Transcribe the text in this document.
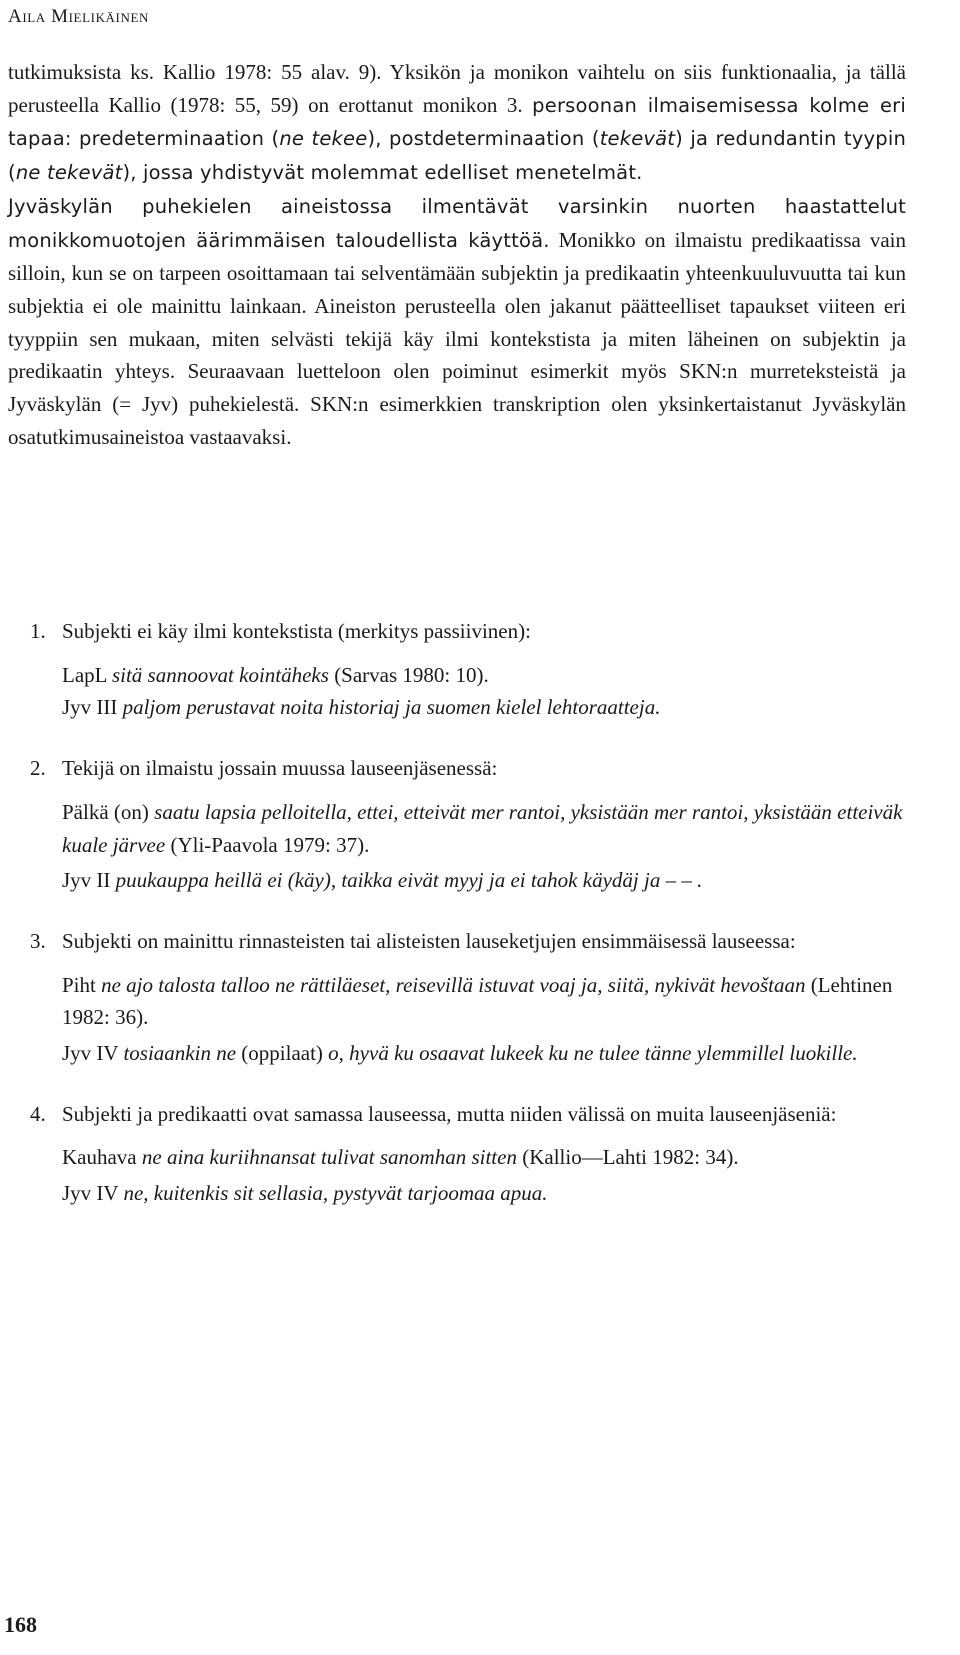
Aila Mielikäinen

tutkimuksista ks. Kallio 1978: 55 alav. 9). Yksikön ja monikon vaihtelu on siis funktionaalia, ja tällä perusteella Kallio (1978: 55, 59) on erottanut monikon 3. persoonan ilmaisemisessa kolme eri tapaa: predeterminaation (ne tekee), postdeterminaation (tekevät) ja redundantin tyypin (ne tekevät), jossa yhdistyvät molemmat edelliset menetelmät.

Jyväskylän puhekielen aineistossa ilmentävät varsinkin nuorten haastattelut monikkomuotojen äärimmäisen taloudellista käyttöä. Monikko on ilmaistu predikaatissa vain silloin, kun se on tarpeen osoittamaan tai selventämään subjektin ja predikaatin yhteenkuuluvuutta tai kun subjektia ei ole mainittu lainkaan. Aineiston perusteella olen jakanut päätteelliset tapaukset viiteen eri tyyppiin sen mukaan, miten selvästi tekijä käy ilmi kontekstista ja miten läheinen on subjektin ja predikaatin yhteys. Seuraavaan luetteloon olen poiminut esimerkit myös SKN:n murreteksteistä ja Jyväskylän (= Jyv) puhekielestä. SKN:n esimerkkien transkription olen yksinkertaistanut Jyväskylän osatutkimusaineistoa vastaavaksi.

1. Subjekti ei käy ilmi kontekstista (merkitys passiivinen):
LapL sitä sannoovat kointäheks (Sarvas 1980: 10).
Jyv III paljom perustavat noita historiaj ja suomen kielel lehtoraatteja.
2. Tekijä on ilmaistu jossain muussa lauseenjäsenessä:
Pälkä (on) saatu lapsia pelloitella, ettei, etteivät mer rantoi, yksistään mer rantoi, yksistään etteiväk kuale järvee (Yli-Paavola 1979: 37).
Jyv II puukauppa heillä ei (käy), taikka eivät myyj ja ei tahok käydäj ja – – .
3. Subjekti on mainittu rinnasteisten tai alisteisten lauseketjujen ensimmäisessä lauseessa:
Piht ne ajo talosta talloo ne rättiläeset, reisevillä istuvat voaj ja, siitä, nykivät hevoštaan (Lehtinen 1982: 36).
Jyv IV tosiaankin ne (oppilaat) o, hyvä ku osaavat lukeek ku ne tulee tänne ylemmillel luokille.
4. Subjekti ja predikaatti ovat samassa lauseessa, mutta niiden välissä on muita lauseenjäseniä:
Kauhava ne aina kuriihnansat tulivat sanomhan sitten (Kallio—Lahti 1982: 34).
Jyv IV ne, kuitenkis sit sellasia, pystyvät tarjoomaa apua.
168
